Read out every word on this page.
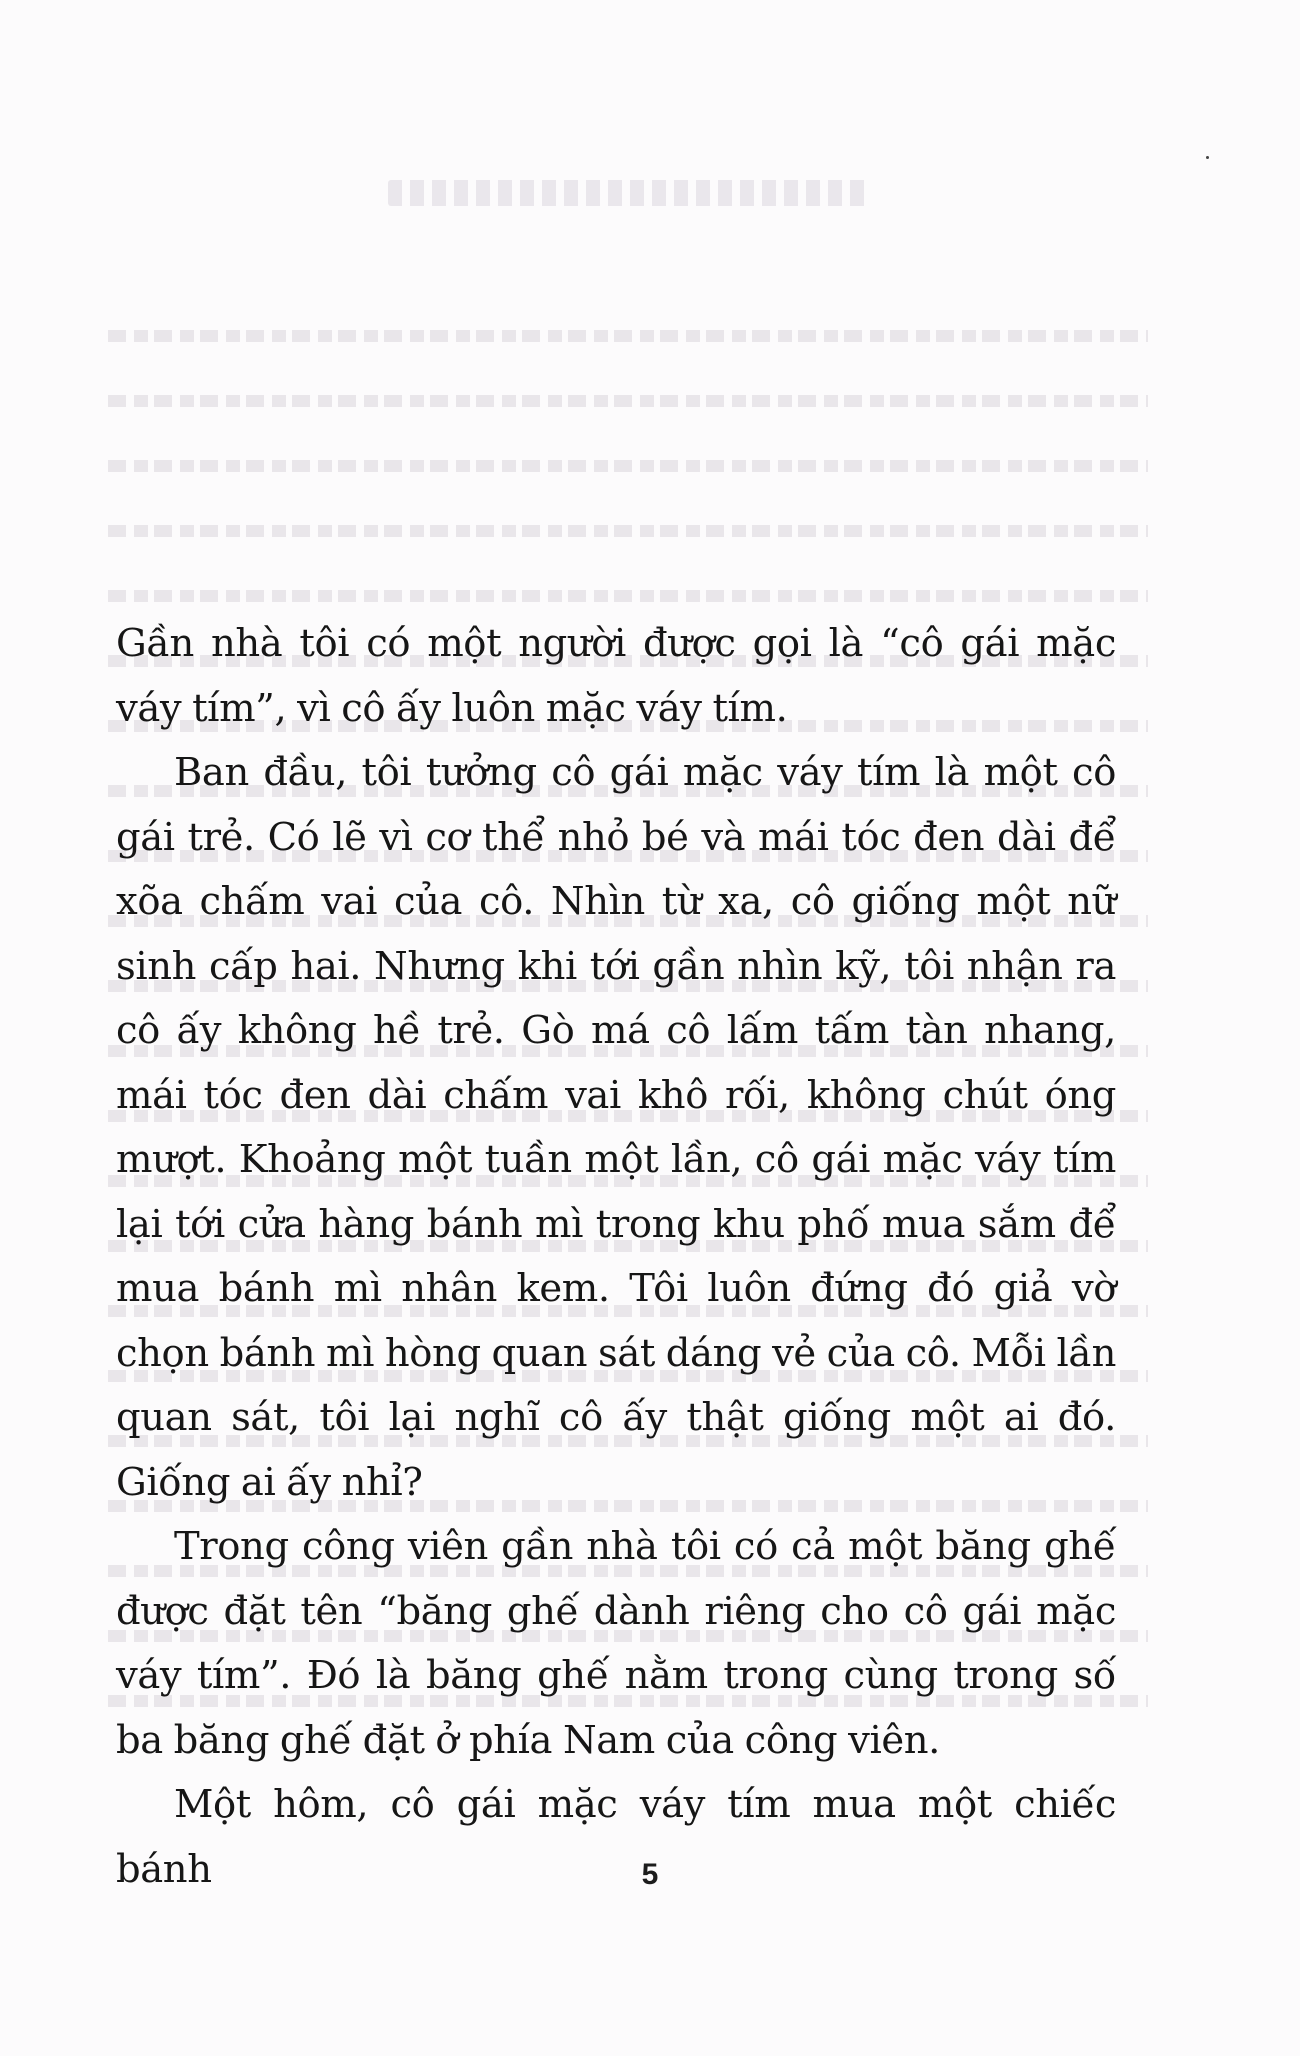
Gần nhà tôi có một người được gọi là “cô gái mặc váy tím”, vì cô ấy luôn mặc váy tím.

Ban đầu, tôi tưởng cô gái mặc váy tím là một cô gái trẻ. Có lẽ vì cơ thể nhỏ bé và mái tóc đen dài để xõa chấm vai của cô. Nhìn từ xa, cô giống một nữ sinh cấp hai. Nhưng khi tới gần nhìn kỹ, tôi nhận ra cô ấy không hề trẻ. Gò má cô lấm tấm tàn nhang, mái tóc đen dài chấm vai khô rối, không chút óng mượt. Khoảng một tuần một lần, cô gái mặc váy tím lại tới cửa hàng bánh mì trong khu phố mua sắm để mua bánh mì nhân kem. Tôi luôn đứng đó giả vờ chọn bánh mì hòng quan sát dáng vẻ của cô. Mỗi lần quan sát, tôi lại nghĩ cô ấy thật giống một ai đó. Giống ai ấy nhỉ?

Trong công viên gần nhà tôi có cả một băng ghế được đặt tên “băng ghế dành riêng cho cô gái mặc váy tím”. Đó là băng ghế nằm trong cùng trong số ba băng ghế đặt ở phía Nam của công viên.

Một hôm, cô gái mặc váy tím mua một chiếc bánh	5
